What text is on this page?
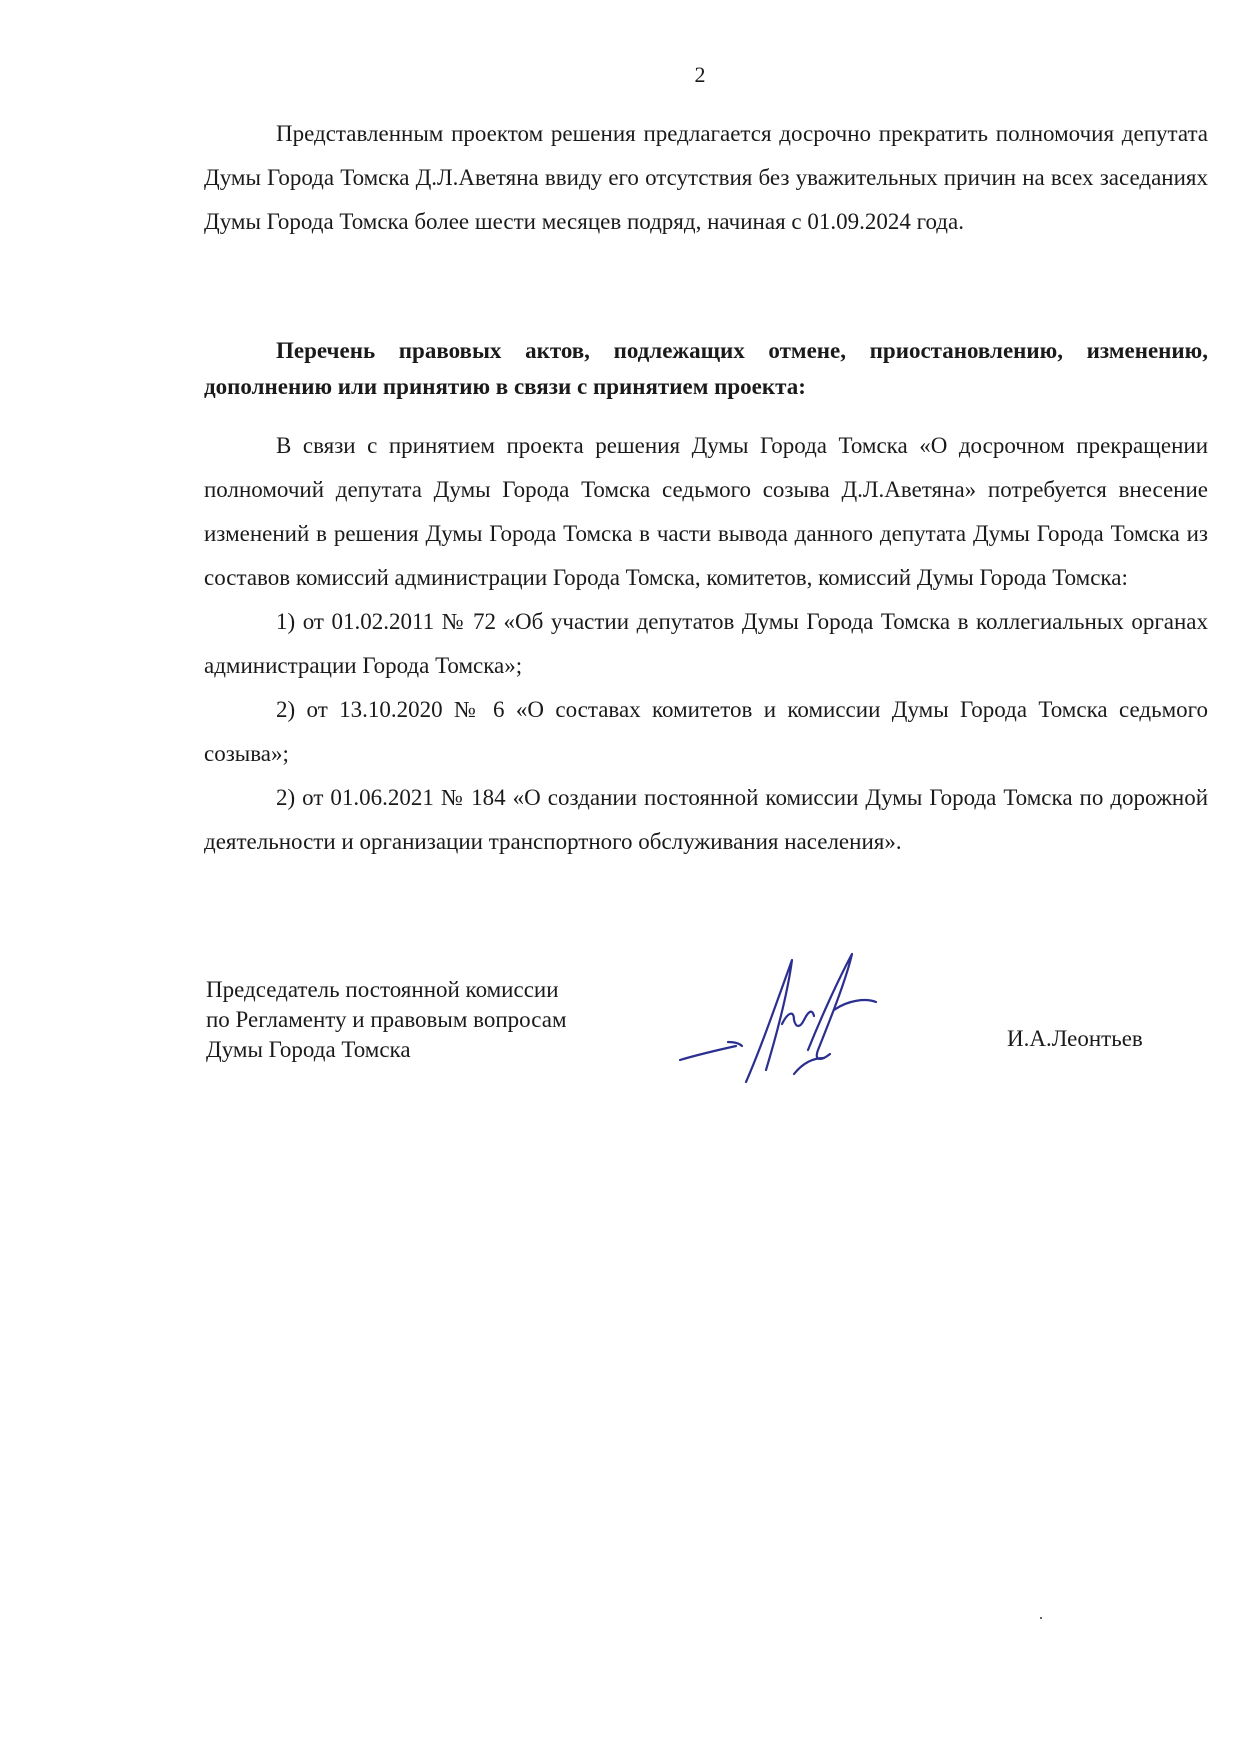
2

Представленным проектом решения предлагается досрочно прекратить полномочия депутата Думы Города Томска Д.Л.Аветяна ввиду его отсутствия без уважительных причин на всех заседаниях Думы Города Томска более шести месяцев подряд, начиная с 01.09.2024 года.

Перечень правовых актов, подлежащих отмене, приостановлению, изменению, дополнению или принятию в связи с принятием проекта:

В связи с принятием проекта решения Думы Города Томска «О досрочном прекращении полномочий депутата Думы Города Томска седьмого созыва Д.Л.Аветяна» потребуется внесение изменений в решения Думы Города Томска в части вывода данного депутата Думы Города Томска из составов комиссий администрации Города Томска, комитетов, комиссий Думы Города Томска:

1) от 01.02.2011 № 72 «Об участии депутатов Думы Города Томска в коллегиальных органах администрации Города Томска»;

2) от 13.10.2020 № 6 «О составах комитетов и комиссии Думы Города Томска седьмого созыва»;

2) от 01.06.2021 № 184 «О создании постоянной комиссии Думы Города Томска по дорожной деятельности и организации транспортного обслуживания населения».

Председатель постоянной комиссии
по Регламенту и правовым вопросам
Думы Города Томска	И.А.Леонтьев
